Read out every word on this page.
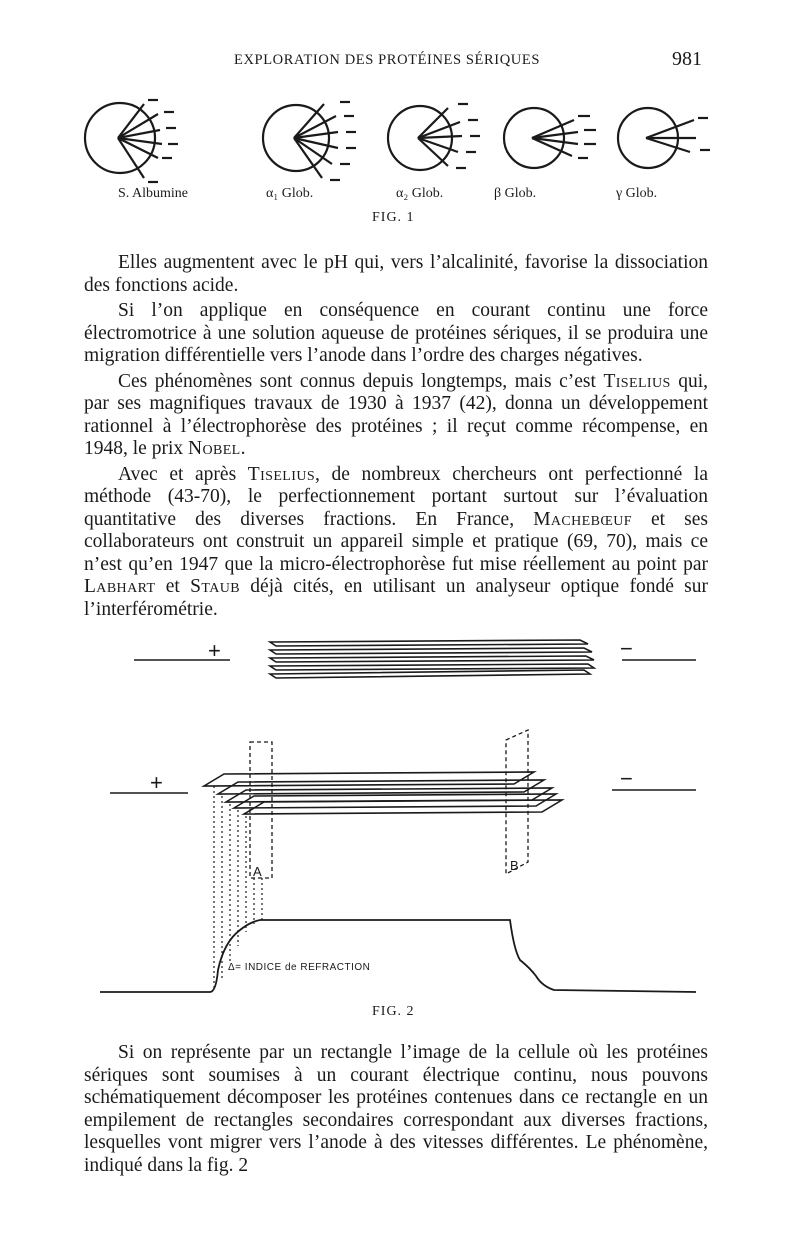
EXPLORATION DES PROTÉINES SÉRIQUES	981
S. Albumine	α₁ Glob.	α₂ Glob.	β Glob.	γ Glob.
FIG. 1

Elles augmentent avec le pH qui, vers l’alcalinité, favorise la dissociation des fonctions acide.

Si l’on applique en conséquence en courant continu une force électromotrice à une solution aqueuse de protéines sériques, il se produira une migration différentielle vers l’anode dans l’ordre des charges négatives.

Ces phénomènes sont connus depuis longtemps, mais c’est Tiselius qui, par ses magnifiques travaux de 1930 à 1937 (42), donna un développement rationnel à l’électrophorèse des protéines ; il reçut comme récompense, en 1948, le prix Nobel.

Avec et après Tiselius, de nombreux chercheurs ont perfectionné la méthode (43-70), le perfectionnement portant surtout sur l’évaluation quantitative des diverses fractions. En France, Machebœuf et ses collaborateurs ont construit un appareil simple et pratique (69, 70), mais ce n’est qu’en 1947 que la micro-électrophorèse fut mise réellement au point par Labhart et Staub déjà cités, en utilisant un analyseur optique fondé sur l’interférométrie.

+	−
+	−
A	B
Δ= INDICE de REFRACTION
FIG. 2

Si on représente par un rectangle l’image de la cellule où les protéines sériques sont soumises à un courant électrique continu, nous pouvons schématiquement décomposer les protéines contenues dans ce rectangle en un empilement de rectangles secondaires correspondant aux diverses fractions, lesquelles vont migrer vers l’anode à des vitesses différentes. Le phénomène, indiqué dans la fig. 2
